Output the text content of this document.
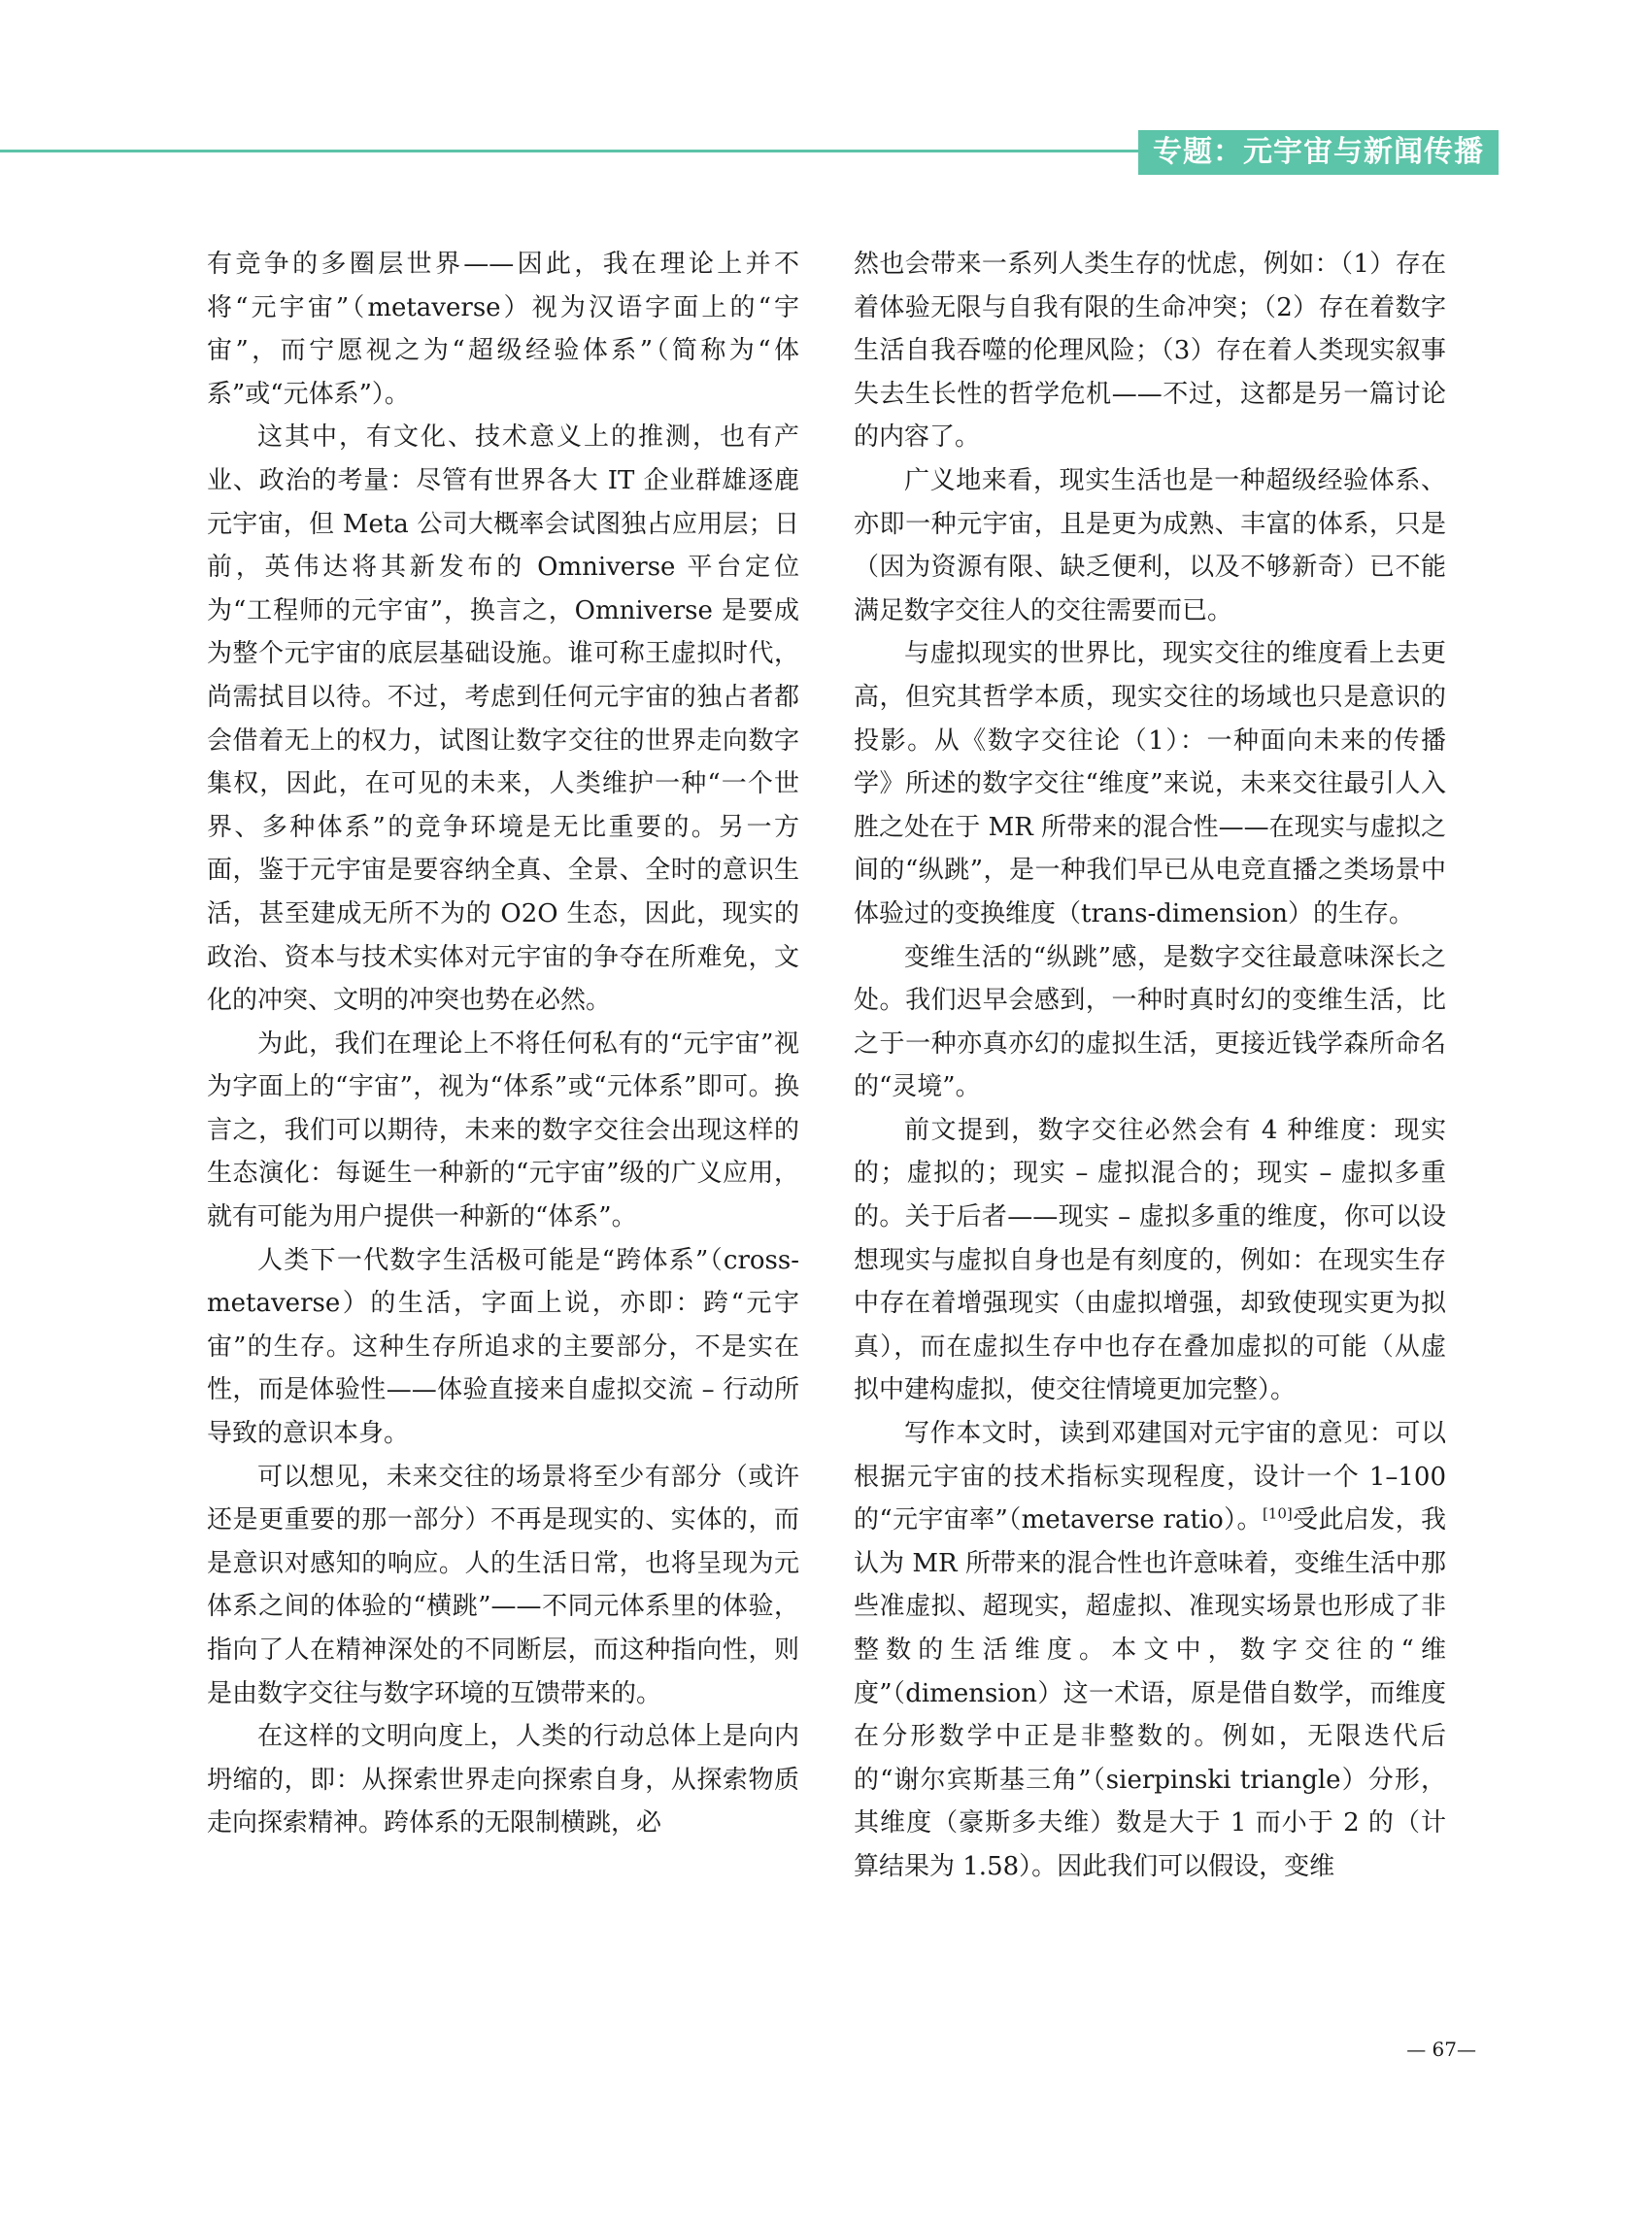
专题：元宇宙与新闻传播

有竞争的多圈层世界——因此，我在理论上并不将“元宇宙”（metaverse）视为汉语字面上的“宇宙”，而宁愿视之为“超级经验体系”（简称为“体系”或“元体系”）。

这其中，有文化、技术意义上的推测，也有产业、政治的考量：尽管有世界各大 IT 企业群雄逐鹿元宇宙，但 Meta 公司大概率会试图独占应用层；日前，英伟达将其新发布的 Omniverse 平台定位为“工程师的元宇宙”，换言之，Omniverse 是要成为整个元宇宙的底层基础设施。谁可称王虚拟时代，尚需拭目以待。不过，考虑到任何元宇宙的独占者都会借着无上的权力，试图让数字交往的世界走向数字集权，因此，在可见的未来，人类维护一种“一个世界、多种体系”的竞争环境是无比重要的。另一方面，鉴于元宇宙是要容纳全真、全景、全时的意识生活，甚至建成无所不为的 O2O 生态，因此，现实的政治、资本与技术实体对元宇宙的争夺在所难免，文化的冲突、文明的冲突也势在必然。

为此，我们在理论上不将任何私有的“元宇宙”视为字面上的“宇宙”，视为“体系”或“元体系”即可。换言之，我们可以期待，未来的数字交往会出现这样的生态演化：每诞生一种新的“元宇宙”级的广义应用，就有可能为用户提供一种新的“体系”。

人类下一代数字生活极可能是“跨体系”（cross-metaverse）的生活，字面上说，亦即：跨“元宇宙”的生存。这种生存所追求的主要部分，不是实在性，而是体验性——体验直接来自虚拟交流 – 行动所导致的意识本身。

可以想见，未来交往的场景将至少有部分（或许还是更重要的那一部分）不再是现实的、实体的，而是意识对感知的响应。人的生活日常，也将呈现为元体系之间的体验的“横跳”——不同元体系里的体验，指向了人在精神深处的不同断层，而这种指向性，则是由数字交往与数字环境的互馈带来的。

在这样的文明向度上，人类的行动总体上是向内坍缩的，即：从探索世界走向探索自身，从探索物质走向探索精神。跨体系的无限制横跳，必

然也会带来一系列人类生存的忧虑，例如：（1）存在着体验无限与自我有限的生命冲突；（2）存在着数字生活自我吞噬的伦理风险；（3）存在着人类现实叙事失去生长性的哲学危机——不过，这都是另一篇讨论的内容了。

广义地来看，现实生活也是一种超级经验体系、亦即一种元宇宙，且是更为成熟、丰富的体系，只是（因为资源有限、缺乏便利，以及不够新奇）已不能满足数字交往人的交往需要而已。

与虚拟现实的世界比，现实交往的维度看上去更高，但究其哲学本质，现实交往的场域也只是意识的投影。从《数字交往论（1）：一种面向未来的传播学》所述的数字交往“维度”来说，未来交往最引人入胜之处在于 MR 所带来的混合性——在现实与虚拟之间的“纵跳”，是一种我们早已从电竞直播之类场景中体验过的变换维度（trans-dimension）的生存。

变维生活的“纵跳”感，是数字交往最意味深长之处。我们迟早会感到，一种时真时幻的变维生活，比之于一种亦真亦幻的虚拟生活，更接近钱学森所命名的“灵境”。

前文提到，数字交往必然会有 4 种维度：现实的；虚拟的；现实 – 虚拟混合的；现实 – 虚拟多重的。关于后者——现实 – 虚拟多重的维度，你可以设想现实与虚拟自身也是有刻度的，例如：在现实生存中存在着增强现实（由虚拟增强，却致使现实更为拟真），而在虚拟生存中也存在叠加虚拟的可能（从虚拟中建构虚拟，使交往情境更加完整）。

写作本文时，读到邓建国对元宇宙的意见：可以根据元宇宙的技术指标实现程度，设计一个 1–100 的“元宇宙率”（metaverse ratio）。[10]受此启发，我认为 MR 所带来的混合性也许意味着，变维生活中那些准虚拟、超现实，超虚拟、准现实场景也形成了非整数的生活维度。本文中，数字交往的“维度”（dimension）这一术语，原是借自数学，而维度在分形数学中正是非整数的。例如，无限迭代后的“谢尔宾斯基三角”（sierpinski triangle）分形，其维度（豪斯多夫维）数是大于 1 而小于 2 的（计算结果为 1.58）。因此我们可以假设，变维

— 67—
